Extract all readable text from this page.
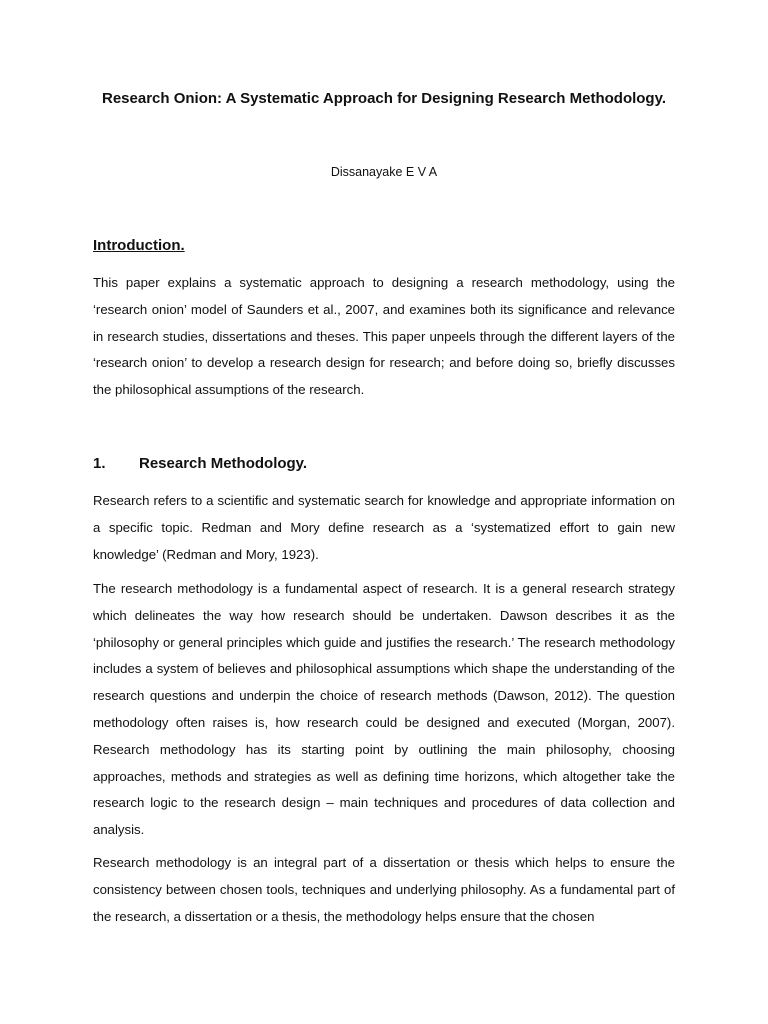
Research Onion: A Systematic Approach for Designing Research Methodology.

Dissanayake E V A

Introduction.

This paper explains a systematic approach to designing a research methodology, using the ‘research onion’ model of Saunders et al., 2007, and examines both its significance and relevance in research studies, dissertations and theses. This paper unpeels through the different layers of the ‘research onion’ to develop a research design for research; and before doing so, briefly discusses the philosophical assumptions of the research.

1. Research Methodology.

Research refers to a scientific and systematic search for knowledge and appropriate information on a specific topic. Redman and Mory define research as a ‘systematized effort to gain new knowledge’ (Redman and Mory, 1923).

The research methodology is a fundamental aspect of research. It is a general research strategy which delineates the way how research should be undertaken. Dawson describes it as the ‘philosophy or general principles which guide and justifies the research.’ The research methodology includes a system of believes and philosophical assumptions which shape the understanding of the research questions and underpin the choice of research methods (Dawson, 2012). The question methodology often raises is, how research could be designed and executed (Morgan, 2007). Research methodology has its starting point by outlining the main philosophy, choosing approaches, methods and strategies as well as defining time horizons, which altogether take the research logic to the research design – main techniques and procedures of data collection and analysis.

Research methodology is an integral part of a dissertation or thesis which helps to ensure the consistency between chosen tools, techniques and underlying philosophy. As a fundamental part of the research, a dissertation or a thesis, the methodology helps ensure that the chosen
